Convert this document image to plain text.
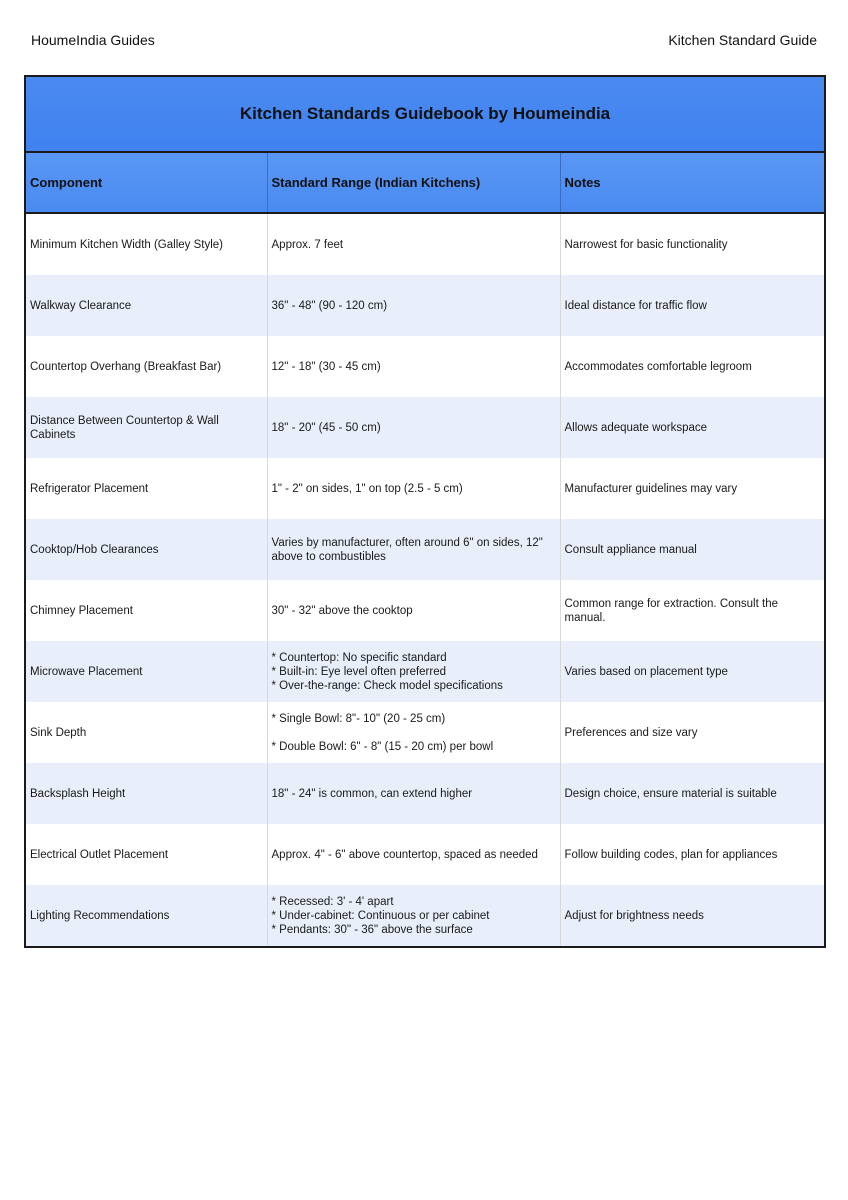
HoumeIndia Guides	Kitchen Standard Guide
Kitchen Standards Guidebook by Houmeindia		
Component	Standard Range (Indian Kitchens)	Notes
Minimum Kitchen Width (Galley Style)	Approx. 7 feet	Narrowest for basic functionality
Walkway Clearance	36" - 48" (90 - 120 cm)	Ideal distance for traffic flow
Countertop Overhang (Breakfast Bar)	12" - 18" (30 - 45 cm)	Accommodates comfortable legroom
Distance Between Countertop & Wall Cabinets	18" - 20" (45 - 50 cm)	Allows adequate workspace
Refrigerator Placement	1" - 2" on sides, 1" on top (2.5 - 5 cm)	Manufacturer guidelines may vary
Cooktop/Hob Clearances	Varies by manufacturer, often around 6" on sides, 12" above to combustibles	Consult appliance manual
Chimney Placement	30" - 32" above the cooktop	Common range for extraction. Consult the manual.
Microwave Placement	* Countertop: No specific standard
* Built-in: Eye level often preferred
* Over-the-range: Check model specifications	Varies based on placement type
Sink Depth	* Single Bowl: 8"- 10" (20 - 25 cm)
* Double Bowl: 6" - 8" (15 - 20 cm) per bowl	Preferences and size vary
Backsplash Height	18" - 24" is common, can extend higher	Design choice, ensure material is suitable
Electrical Outlet Placement	Approx. 4" - 6" above countertop, spaced as needed	Follow building codes, plan for appliances
Lighting Recommendations	* Recessed: 3' - 4' apart
* Under-cabinet: Continuous or per cabinet
* Pendants: 30" - 36" above the surface	Adjust for brightness needs
